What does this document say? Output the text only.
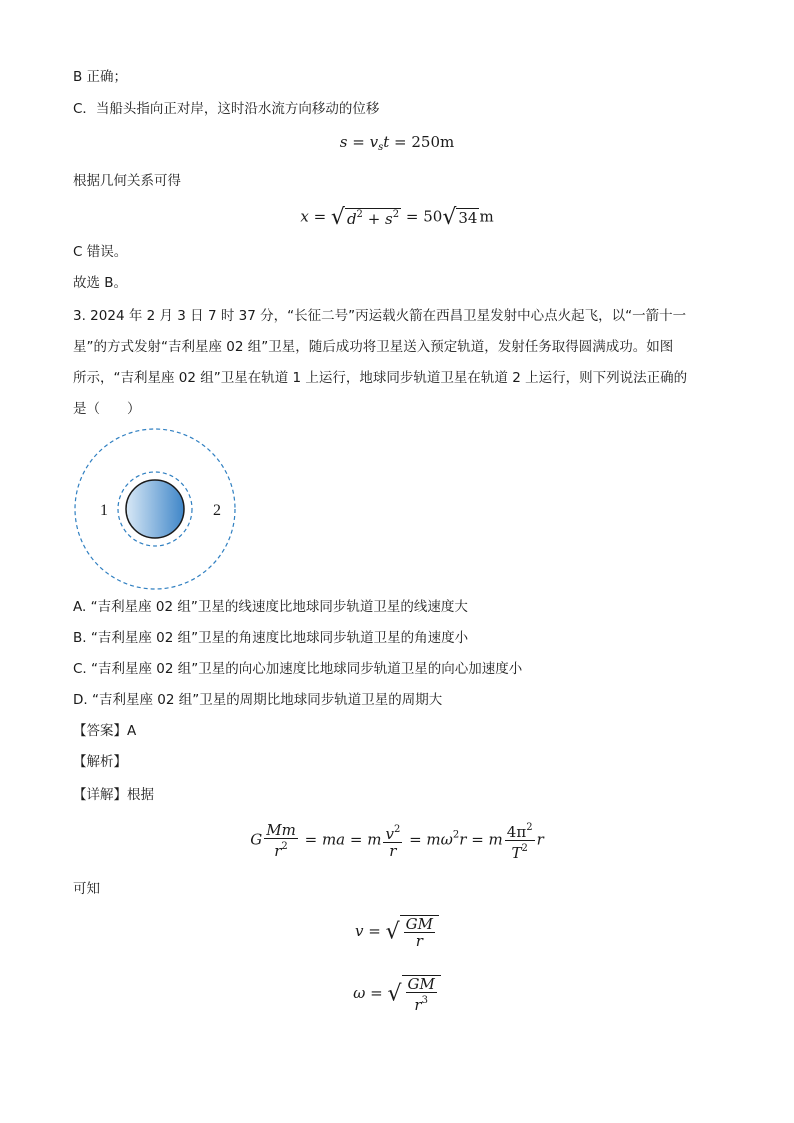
B 正确；
C．当船头指向正对岸，这时沿水流方向移动的位移
$s = v_st = 250m$
根据几何关系可得
x = √ $d^2 + s^2 = 50√$ 34 m
C 错误。
故选 B。
3. 2024 年 2 月 3 日 7 时 37 分，“长征二号”丙运载火箭在西昌卫星发射中心点火起飞，以“一箭十一
星”的方式发射“吉利星座 02 组”卫星，随后成功将卫星送入预定轨道，发射任务取得圆满成功。如图
所示，“吉利星座 02 组”卫星在轨道 1 上运行，地球同步轨道卫星在轨道 2 上运行，则下列说法正确的
是（　　）
1	2
A. “吉利星座 02 组”卫星的线速度比地球同步轨道卫星的线速度大
B. “吉利星座 02 组”卫星的角速度比地球同步轨道卫星的角速度小
C. “吉利星座 02 组”卫星的向心加速度比地球同步轨道卫星的向心加速度小
D. “吉利星座 02 组”卫星的周期比地球同步轨道卫星的周期大
【答案】A
【解析】
【详解】根据
G $\frac{Mm}{r^2}$ = ma = m $\frac{v^2}{r} = m\omega^2r = m \frac{4\pi^2}{T^2}$ r
可知
v = √ $\frac{GM}{r}$
ω = √ $\frac{GM}{r^3}$
